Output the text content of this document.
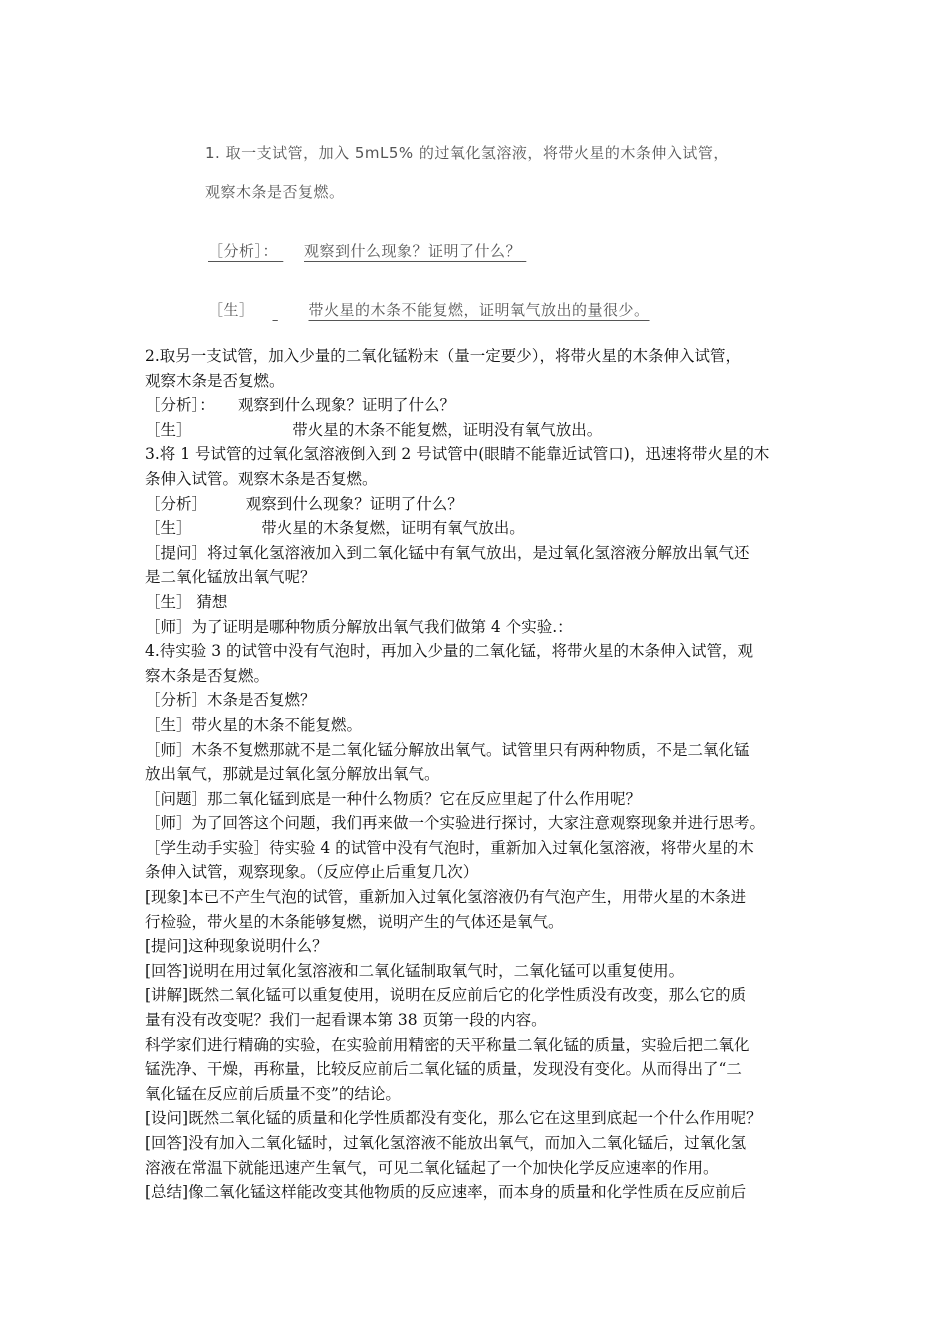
1. 取一支试管，加入 5mL5% 的过氧化氢溶液，将带火星的木条伸入试管，
观察木条是否复燃。
［分析］： 观察到什么现象？证明了什么？
［生］	带火星的木条不能复燃，证明氧气放出的量很少。

2.取另一支试管，加入少量的二氧化锰粉末（量一定要少），将带火星的木条伸入试管，

观察木条是否复燃。

［分析］：　　观察到什么现象？证明了什么？

［生］　　　　　　　带火星的木条不能复燃，证明没有氧气放出。

3.将 1 号试管的过氧化氢溶液倒入到 2 号试管中(眼睛不能靠近试管口)，迅速将带火星的木

条伸入试管。观察木条是否复燃。

［分析］　　　观察到什么现象？证明了什么？

［生］　　　　　带火星的木条复燃，证明有氧气放出。

［提问］将过氧化氢溶液加入到二氧化锰中有氧气放出，是过氧化氢溶液分解放出氧气还

是二氧化锰放出氧气呢？

［生］ 猜想

［师］为了证明是哪种物质分解放出氧气我们做第 4 个实验.：

4.待实验 3 的试管中没有气泡时，再加入少量的二氧化锰，将带火星的木条伸入试管，观

察木条是否复燃。

［分析］木条是否复燃？

［生］带火星的木条不能复燃。

［师］木条不复燃那就不是二氧化锰分解放出氧气。试管里只有两种物质，不是二氧化锰

放出氧气，那就是过氧化氢分解放出氧气。

［问题］那二氧化锰到底是一种什么物质？它在反应里起了什么作用呢？

［师］为了回答这个问题，我们再来做一个实验进行探讨，大家注意观察现象并进行思考。

［学生动手实验］待实验 4 的试管中没有气泡时，重新加入过氧化氢溶液，将带火星的木

条伸入试管，观察现象。（反应停止后重复几次）

[现象]本已不产生气泡的试管，重新加入过氧化氢溶液仍有气泡产生，用带火星的木条进

行检验，带火星的木条能够复燃，说明产生的气体还是氧气。

[提问]这种现象说明什么？

[回答]说明在用过氧化氢溶液和二氧化锰制取氧气时，二氧化锰可以重复使用。

[讲解]既然二氧化锰可以重复使用，说明在反应前后它的化学性质没有改变，那么它的质

量有没有改变呢？我们一起看课本第 38 页第一段的内容。

科学家们进行精确的实验，在实验前用精密的天平称量二氧化锰的质量，实验后把二氧化

锰洗净、干燥，再称量，比较反应前后二氧化锰的质量，发现没有变化。从而得出了“二

氧化锰在反应前后质量不变”的结论。

[设问]既然二氧化锰的质量和化学性质都没有变化，那么它在这里到底起一个什么作用呢？

[回答]没有加入二氧化锰时，过氧化氢溶液不能放出氧气，而加入二氧化锰后，过氧化氢

溶液在常温下就能迅速产生氧气，可见二氧化锰起了一个加快化学反应速率的作用。

[总结]像二氧化锰这样能改变其他物质的反应速率，而本身的质量和化学性质在反应前后
